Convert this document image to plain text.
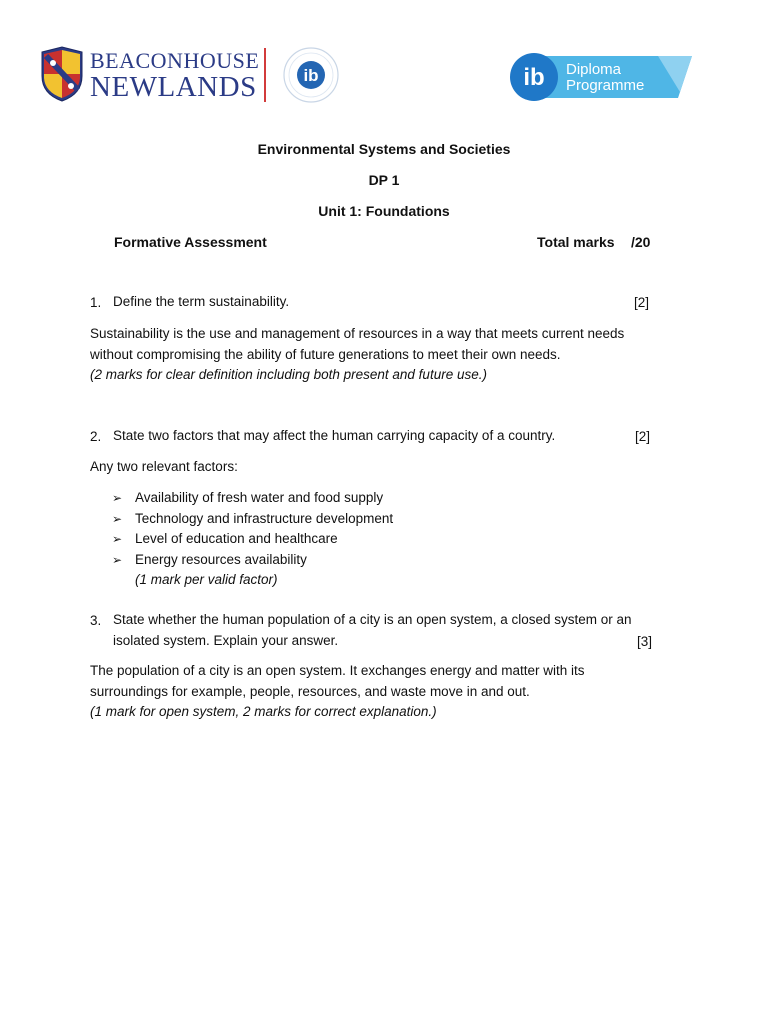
BEACONHOUSE
NEWLANDS	ib	ib Diploma
Programme
Environmental Systems and Societies
DP 1
Unit 1: Foundations
Formative Assessment	Total marks /20
1. Define the term sustainability.	[2]
Sustainability is the use and management of resources in a way that meets current needs
without compromising the ability of future generations to meet their own needs.
(2 marks for clear definition including both present and future use.)
2. State two factors that may affect the human carrying capacity of a country.	[2]
Any two relevant factors:
➢ Availability of fresh water and food supply
➢ Technology and infrastructure development
➢ Level of education and healthcare
➢ Energy resources availability
(1 mark per valid factor)
3. State whether the human population of a city is an open system, a closed system or an
isolated system. Explain your answer.	[3]
The population of a city is an open system. It exchanges energy and matter with its
surroundings for example, people, resources, and waste move in and out.
(1 mark for open system, 2 marks for correct explanation.)
